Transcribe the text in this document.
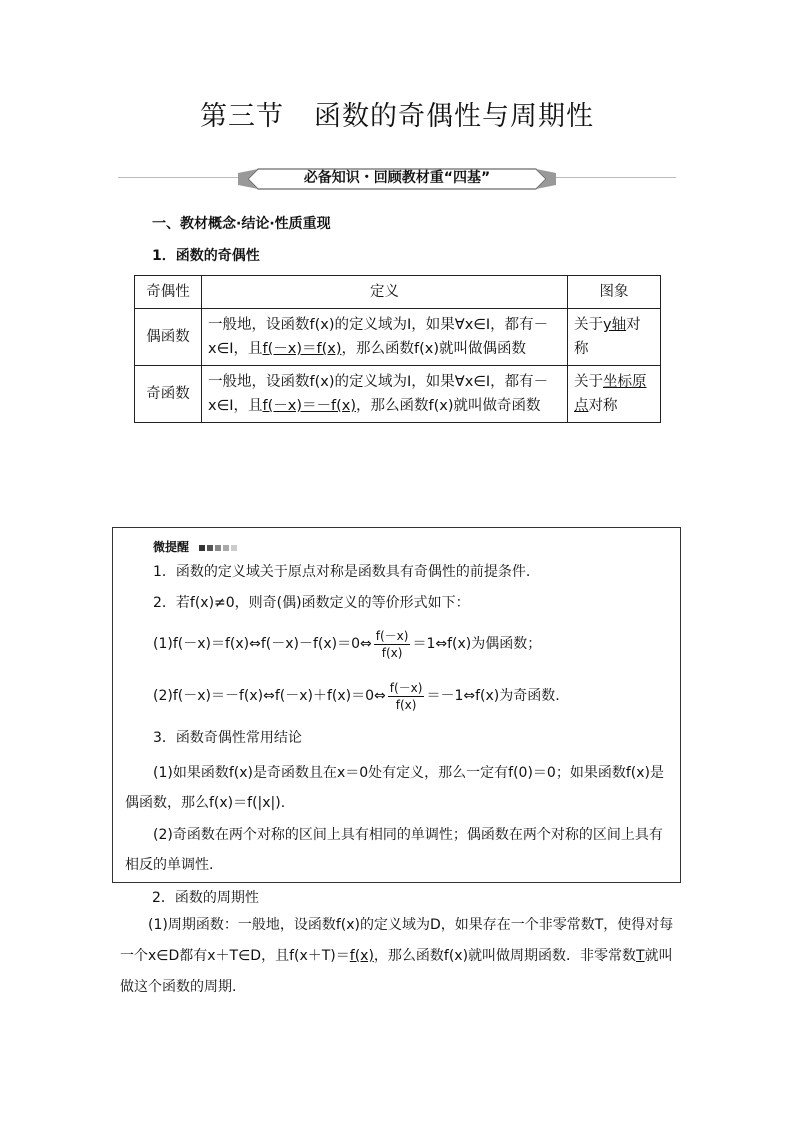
第三节 函数的奇偶性与周期性
必备知识・回顾教材重“四基”
一、教材概念·结论·性质重现
1．函数的奇偶性
奇偶性	定义	图象
偶函数	一般地，设函数f(x)的定义域为I，如果∀x∈I，都有－x∈I，且f(－x)＝f(x)，那么函数f(x)就叫做偶函数	关于y轴对称
奇函数	一般地，设函数f(x)的定义域为I，如果∀x∈I，都有－x∈I，且f(－x)＝－f(x)，那么函数f(x)就叫做奇函数	关于坐标原点对称
微提醒
1．函数的定义域关于原点对称是函数具有奇偶性的前提条件.
2．若f(x)≠0，则奇(偶)函数定义的等价形式如下：
(1)f(－x)＝f(x)⇔f(－x)－f(x)＝0⇔ $\frac{f(-x)}{f(x)}$ ＝1⇔f(x)为偶函数；
(2)f(－x)＝－f(x)⇔f(－x)＋f(x)＝0⇔ $\frac{f(-x)}{f(x)}$ ＝－1⇔f(x)为奇函数.
3．函数奇偶性常用结论
(1)如果函数f(x)是奇函数且在x＝0处有定义，那么一定有f(0)＝0；如果函数f(x)是偶函数，那么f(x)＝f(|x|).
(2)奇函数在两个对称的区间上具有相同的单调性；偶函数在两个对称的区间上具有相反的单调性.
2．函数的周期性
(1)周期函数：一般地，设函数f(x)的定义域为D，如果存在一个非零常数T，使得对每一个x∈D都有x＋T∈D，且f(x＋T)＝f(x)，那么函数f(x)就叫做周期函数．非零常数T就叫做这个函数的周期.
